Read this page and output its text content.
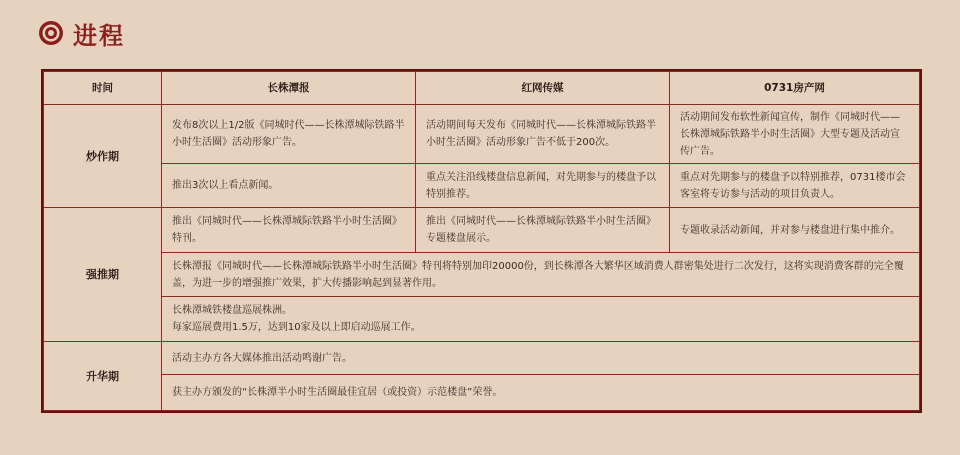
进程
时间	长株潭报	红网传媒	0731房产网
炒作期	发布8次以上1/2版《同城时代——长株潭城际铁路半小时生活圈》活动形象广告。	活动期间每天发布《同城时代——长株潭城际铁路半小时生活圈》活动形象广告不低于200次。	活动期间发布软性新闻宣传，制作《同城时代——长株潭城际铁路半小时生活圈》大型专题及活动宣传广告。
	推出3次以上看点新闻。	重点关注沿线楼盘信息新闻，对先期参与的楼盘予以特别推荐。	重点对先期参与的楼盘予以特别推荐，0731楼市会客室将专访参与活动的项目负责人。
强推期	推出《同城时代——长株潭城际铁路半小时生活圈》特刊。	推出《同城时代——长株潭城际铁路半小时生活圈》专题楼盘展示。	专题收录活动新闻，并对参与楼盘进行集中推介。
	长株潭报《同城时代——长株潭城际铁路半小时生活圈》特刊将特别加印20000份，到长株潭各大繁华区域消费人群密集处进行二次发行，这将实现消费客群的完全覆盖，为进一步的增强推广效果，扩大传播影响起到显著作用。		
	长株潭城铁楼盘巡展株洲。
每家巡展费用1.5万，达到10家及以上即启动巡展工作。		
升华期	活动主办方各大媒体推出活动鸣谢广告。		
	获主办方颁发的“长株潭半小时生活圈最佳宜居（或投资）示范楼盘”荣誉。		
